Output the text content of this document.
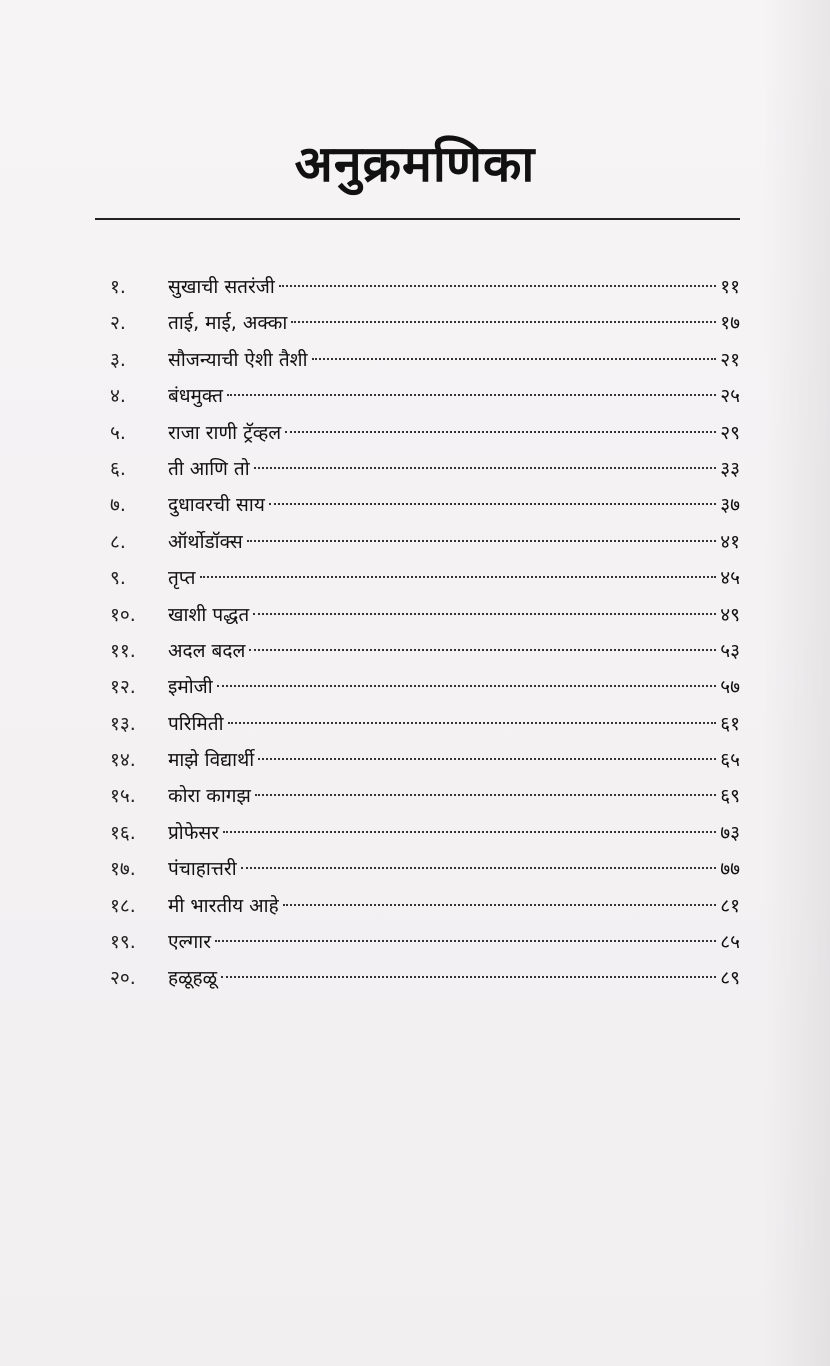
अनुक्रमणिका
१.	सुखाची सतरंजी	११
२.	ताई, माई, अक्का	१७
३.	सौजन्याची ऐशी तैशी	२१
४.	बंधमुक्त	२५
५.	राजा राणी ट्रॅव्हल	२९
६.	ती आणि तो	३३
७.	दुधावरची साय	३७
८.	ऑर्थोडॉक्स	४१
९.	तृप्त	४५
१०.	खाशी पद्धत	४९
११.	अदल बदल	५३
१२.	इमोजी	५७
१३.	परिमिती	६१
१४.	माझे विद्यार्थी	६५
१५.	कोरा कागझ	६९
१६.	प्रोफेसर	७३
१७.	पंचाहात्तरी	७७
१८.	मी भारतीय आहे	८१
१९.	एल्गार	८५
२०.	हळूहळू	८९
